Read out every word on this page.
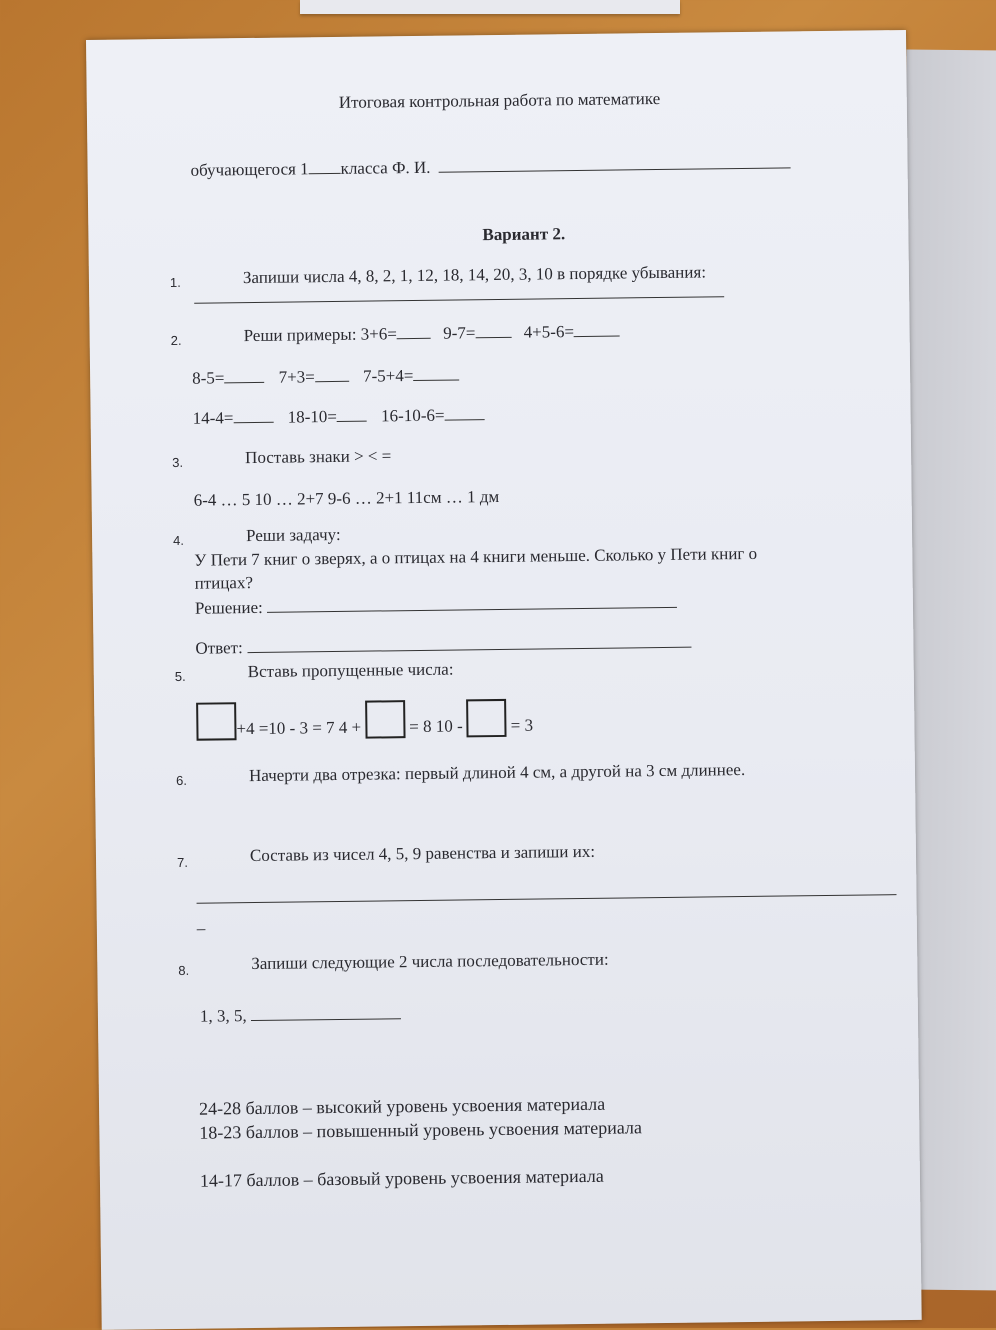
Итоговая контрольная работа по математике
обучающегося 1 класса Ф. И.
Вариант 2.
1.	Запиши числа 4, 8, 2, 1, 12, 18, 14, 20, 3, 10 в порядке убывания:
2.	Реши примеры: 3+6=	9-7=	4+5-6=
8-5=	7+3=	7-5+4=
14-4=	18-10=	16-10-6=
3.	Поставь знаки > < =
6-4 … 5 10 … 2+7 9-6 … 2+1 11см … 1 дм
4.	Реши задачу:
У Пети 7 книг о зверях, а о птицах на 4 книги меньше. Сколько у Пети книг о
птицах?
Решение:
Ответ:
5.	Вставь пропущенные числа:
+4 =10 - 3 = 7 4 +	= 8 10 -	= 3
6.	Начерти два отрезка: первый длиной 4 см, а другой на 3 см длиннее.
7.	Составь из чисел 4, 5, 9 равенства и запиши их:
–
8.	Запиши следующие 2 числа последовательности:
1, 3, 5,
24-28 баллов – высокий уровень усвоения материала
18-23 баллов – повышенный уровень усвоения материала
14-17 баллов – базовый уровень усвоения материала
